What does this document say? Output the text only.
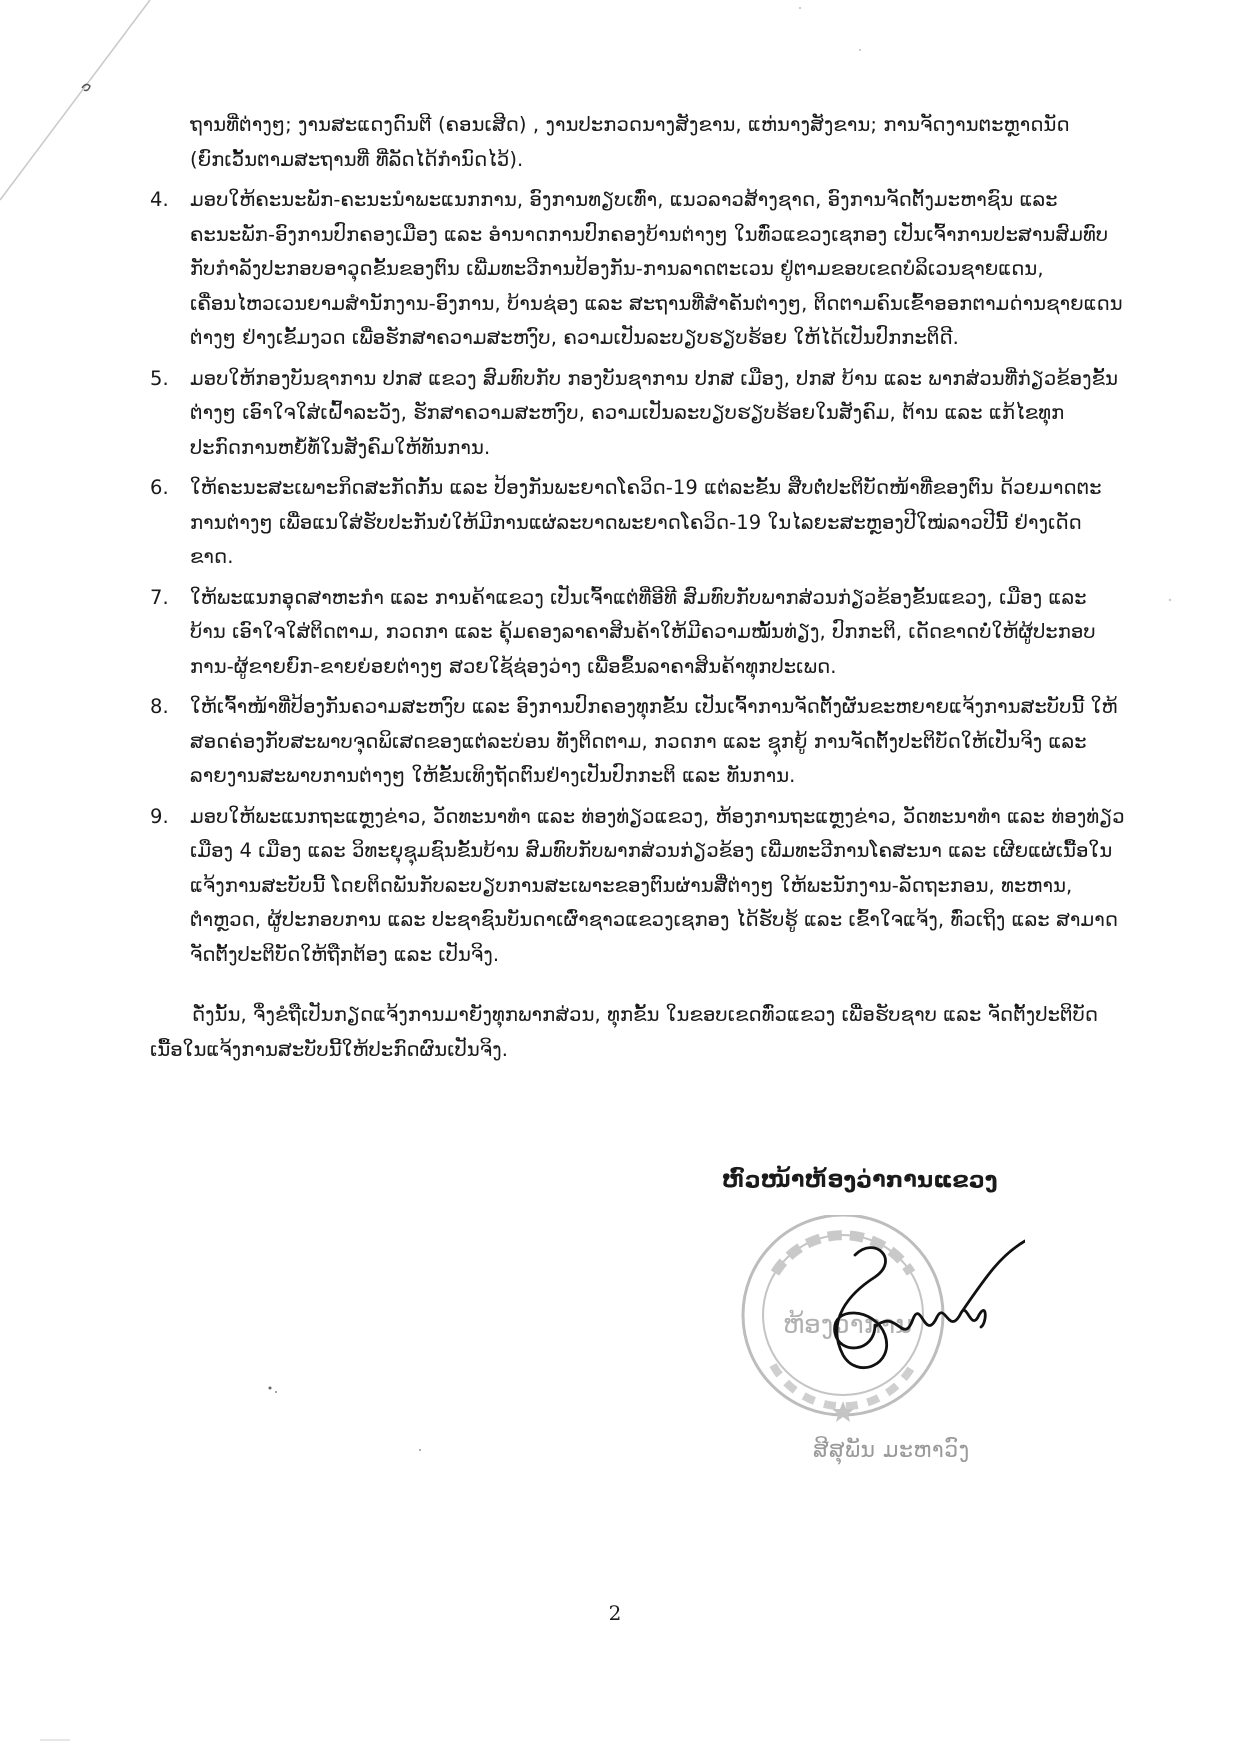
ຖານທີ່ຕ່າງໆ; ງານສະແດງດົນຕີ (ຄອນເສີດ) , ງານປະກວດນາງສັງຂານ, ແຫ່ນາງສັງຂານ; ການຈັດງານຕະຫຼາດນັດ (ຍົກເວັ້ນຕາມສະຖານທີ່ ທີ່ລັດໄດ້ກຳນົດໄວ້).
4.	ມອບໃຫ້ຄະນະພັກ-ຄະນະນຳພະແນກການ, ອົງການທຽບເທົ່າ, ແນວລາວສ້າງຊາດ, ອົງການຈັດຕັ້ງມະຫາຊົນ ແລະ ຄະນະພັກ-ອົງການປົກຄອງເມືອງ ແລະ ອຳນາດການປົກຄອງບ້ານຕ່າງໆ ໃນທົ່ວແຂວງເຊກອງ ເປັນເຈົ້າການປະສານສົມທົບກັບກຳລັງປະກອບອາວຸດຂັ້ນຂອງຕົນ ເພີ່ມທະວີການປ້ອງກັນ-ການລາດຕະເວນ ຢູ່ຕາມຂອບເຂດບໍລິເວນຊາຍແດນ, ເຄື່ອນໄຫວເວນຍາມສຳນັກງານ-ອົງການ, ບ້ານຊ່ອງ ແລະ ສະຖານທີ່ສຳຄັນຕ່າງໆ, ຕິດຕາມຄົນເຂົ້າອອກຕາມດ່ານຊາຍແດນຕ່າງໆ ຢ່າງເຂັ້ມງວດ ເພື່ອຮັກສາຄວາມສະຫງົບ, ຄວາມເປັນລະບຽບຮຽບຮ້ອຍ ໃຫ້ໄດ້ເປັນປົກກະຕິດີ.
5.	ມອບໃຫ້ກອງບັນຊາການ ປກສ ແຂວງ ສົມທົບກັບ ກອງບັນຊາການ ປກສ ເມືອງ, ປກສ ບ້ານ ແລະ ພາກສ່ວນທີ່ກ່ຽວຂ້ອງຂັ້ນຕ່າງໆ ເອົາໃຈໃສ່ເຝົ້າລະວັງ, ຮັກສາຄວາມສະຫງົບ, ຄວາມເປັນລະບຽບຮຽບຮ້ອຍໃນສັງຄົມ, ຕ້ານ ແລະ ແກ້ໄຂທຸກປະກົດການຫຍໍ້ທໍ້ໃນສັງຄົມໃຫ້ທັນການ.
6.	ໃຫ້ຄະນະສະເພາະກິດສະກັດກັ້ນ ແລະ ປ້ອງກັນພະຍາດໂຄວິດ-19 ແຕ່ລະຂັ້ນ ສືບຕໍ່ປະຕິບັດໜ້າທີ່ຂອງຕົນ ດ້ວຍມາດຕະການຕ່າງໆ ເພື່ອແນໃສ່ຮັບປະກັນບໍ່ໃຫ້ມີການແຜ່ລະບາດພະຍາດໂຄວິດ-19 ໃນໄລຍະສະຫຼອງປີໃໝ່ລາວປີນີ້ ຢ່າງເດັດຂາດ.
7.	ໃຫ້ພະແນກອຸດສາຫະກຳ ແລະ ການຄ້າແຂວງ ເປັນເຈົ້າແຕ່ທີ່ອີທີ ສົມທົບກັບພາກສ່ວນກ່ຽວຂ້ອງຂັ້ນແຂວງ, ເມືອງ ແລະ ບ້ານ ເອົາໃຈໃສ່ຕິດຕາມ, ກວດກາ ແລະ ຄຸ້ມຄອງລາຄາສິນຄ້າໃຫ້ມີຄວາມໝັ້ນທ່ຽງ, ປົກກະຕິ, ເດັດຂາດບໍ່ໃຫ້ຜູ້ປະກອບການ-ຜູ້ຂາຍຍົກ-ຂາຍຍ່ອຍຕ່າງໆ ສວຍໃຊ້ຊ່ອງວ່າງ ເພື່ອຂຶ້ນລາຄາສິນຄ້າທຸກປະເພດ.
8.	ໃຫ້ເຈົ້າໜ້າທີ່ປ້ອງກັນຄວາມສະຫງົບ ແລະ ອົງການປົກຄອງທຸກຂັ້ນ ເປັນເຈົ້າການຈັດຕັ້ງຜັນຂະຫຍາຍແຈ້ງການສະບັບນີ້ ໃຫ້ສອດຄ່ອງກັບສະພາບຈຸດພິເສດຂອງແຕ່ລະບ່ອນ ທັງຕິດຕາມ, ກວດກາ ແລະ ຊຸກຍູ້ ການຈັດຕັ້ງປະຕິບັດໃຫ້ເປັນຈິງ ແລະ ລາຍງານສະພາບການຕ່າງໆ ໃຫ້ຂັ້ນເທິງຖັດຕົນຢ່າງເປັນປົກກະຕິ ແລະ ທັນການ.
9.	ມອບໃຫ້ພະແນກຖະແຫຼງຂ່າວ, ວັດທະນາທຳ ແລະ ທ່ອງທ່ຽວແຂວງ, ຫ້ອງການຖະແຫຼງຂ່າວ, ວັດທະນາທຳ ແລະ ທ່ອງທ່ຽວເມືອງ 4 ເມືອງ ແລະ ວິທະຍຸຊຸມຊົນຂັ້ນບ້ານ ສົມທົບກັບພາກສ່ວນກ່ຽວຂ້ອງ ເພີ່ມທະວີການໂຄສະນາ ແລະ ເຜີຍແຜ່ເນື້ອໃນແຈ້ງການສະບັບນີ້ ໂດຍຕິດພັນກັບລະບຽບການສະເພາະຂອງຕົນຜ່ານສື່ຕ່າງໆ ໃຫ້ພະນັກງານ-ລັດຖະກອນ, ທະຫານ, ຕຳຫຼວດ, ຜູ້ປະກອບການ ແລະ ປະຊາຊົນບັນດາເຜົ່າຊາວແຂວງເຊກອງ ໄດ້ຮັບຮູ້ ແລະ ເຂົ້າໃຈແຈ້ງ, ທົ່ວເຖິງ ແລະ ສາມາດຈັດຕັ້ງປະຕິບັດໃຫ້ຖືກຕ້ອງ ແລະ ເປັນຈິງ.
ດັ່ງນັ້ນ, ຈຶ່ງຂໍຖືເປັນກຽດແຈ້ງການມາຍັງທຸກພາກສ່ວນ, ທຸກຂັ້ນ ໃນຂອບເຂດທົ່ວແຂວງ ເພື່ອຮັບຊາບ ແລະ ຈັດຕັ້ງປະຕິບັດເນື້ອໃນແຈ້ງການສະບັບນີ້ໃຫ້ປະກົດຜົນເປັນຈິງ.
ຫົວໜ້າຫ້ອງວ່າການແຂວງ
ຫ້ອງວ່າການ
ສີສຸພັນ ມະຫາວົງ
2
